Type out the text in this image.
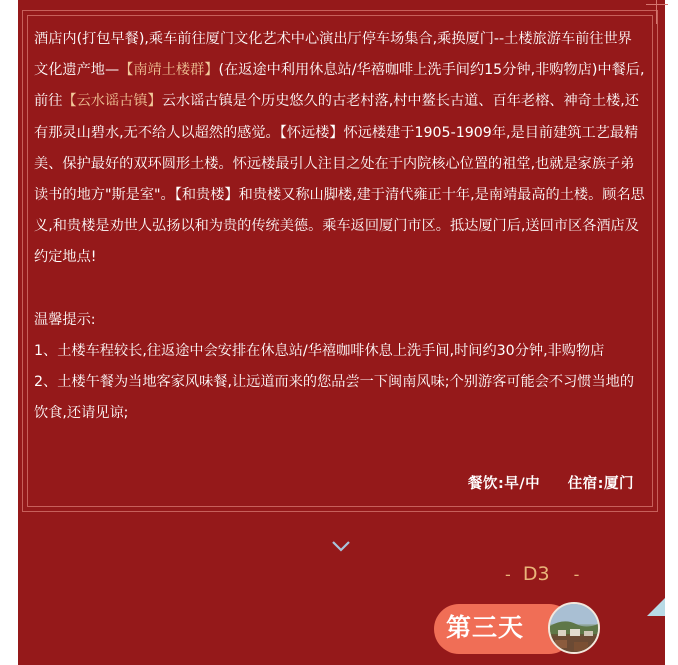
酒店内(打包早餐),乘车前往厦门文化艺术中心演出厅停车场集合,乘换厦门--土楼旅游车前往世界文化遗产地—【南靖土楼群】(在返途中利用休息站/华禧咖啡上洗手间约15分钟,非购物店)中餐后,前往【云水谣古镇】云水谣古镇是个历史悠久的古老村落,村中鳌长古道、百年老榕、神奇土楼,还有那灵山碧水,无不给人以超然的感觉。【怀远楼】怀远楼建于1905-1909年,是目前建筑工艺最精美、保护最好的双环圆形土楼。怀远楼最引人注目之处在于内院核心位置的祖堂,也就是家族子弟读书的地方"斯是室"。【和贵楼】和贵楼又称山脚楼,建于清代雍正十年,是南靖最高的土楼。顾名思义,和贵楼是劝世人弘扬以和为贵的传统美德。乘车返回厦门市区。抵达厦门后,送回市区各酒店及约定地点!

温馨提示:

1、土楼车程较长,往返途中会安排在休息站/华禧咖啡休息上洗手间,时间约30分钟,非购物店

2、土楼午餐为当地客家风味餐,让远道而来的您品尝一下闽南风味;个别游客可能会不习惯当地的饮食,还请见谅;

餐饮:早/中 住宿:厦门
- D3 -
第三天
